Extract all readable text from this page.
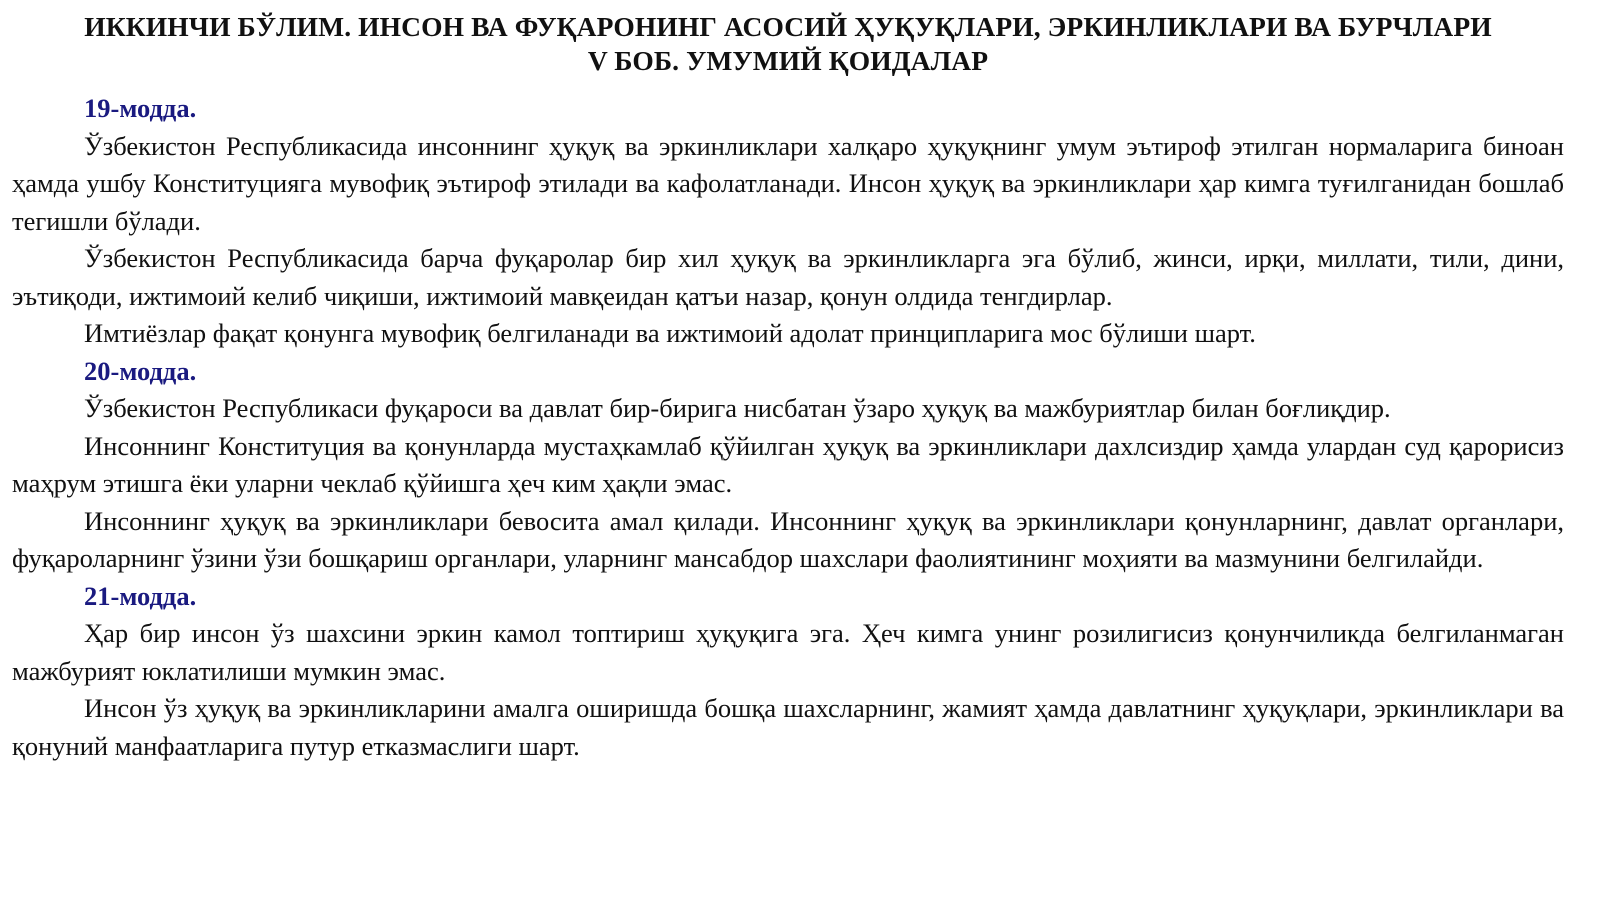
ИККИНЧИ БЎЛИМ. ИНСОН ВА ФУҚАРОНИНГ АСОСИЙ ҲУҚУҚЛАРИ, ЭРКИНЛИКЛАРИ ВА БУРЧЛАРИ
V БОБ. УМУМИЙ ҚОИДАЛАР

19-модда.

Ўзбекистон Республикасида инсоннинг ҳуқуқ ва эркинликлари халқаро ҳуқуқнинг умум эътироф этилган нормаларига биноан ҳамда ушбу Конституцияга мувофиқ эътироф этилади ва кафолатланади. Инсон ҳуқуқ ва эркинликлари ҳар кимга туғилганидан бошлаб тегишли бўлади.

Ўзбекистон Республикасида барча фуқаролар бир хил ҳуқуқ ва эркинликларга эга бўлиб, жинси, ирқи, миллати, тили, дини, эътиқоди, ижтимоий келиб чиқиши, ижтимоий мавқеидан қатъи назар, қонун олдида тенгдирлар.

Имтиёзлар фақат қонунга мувофиқ белгиланади ва ижтимоий адолат принципларига мос бўлиши шарт.

20-модда.

Ўзбекистон Республикаси фуқароси ва давлат бир-бирига нисбатан ўзаро ҳуқуқ ва мажбуриятлар билан боғлиқдир.

Инсоннинг Конституция ва қонунларда мустаҳкамлаб қўйилган ҳуқуқ ва эркинликлари дахлсиздир ҳамда улардан суд қарорисиз маҳрум этишга ёки уларни чеклаб қўйишга ҳеч ким ҳақли эмас.

Инсоннинг ҳуқуқ ва эркинликлари бевосита амал қилади. Инсоннинг ҳуқуқ ва эркинликлари қонунларнинг, давлат органлари, фуқароларнинг ўзини ўзи бошқариш органлари, уларнинг мансабдор шахслари фаолиятининг моҳияти ва мазмунини белгилайди.

21-модда.

Ҳар бир инсон ўз шахсини эркин камол топтириш ҳуқуқига эга. Ҳеч кимга унинг розилигисиз қонунчиликда белгиланмаган мажбурият юклатилиши мумкин эмас.

Инсон ўз ҳуқуқ ва эркинликларини амалга оширишда бошқа шахсларнинг, жамият ҳамда давлатнинг ҳуқуқлари, эркинликлари ва қонуний манфаатларига путур етказмаслиги шарт.
